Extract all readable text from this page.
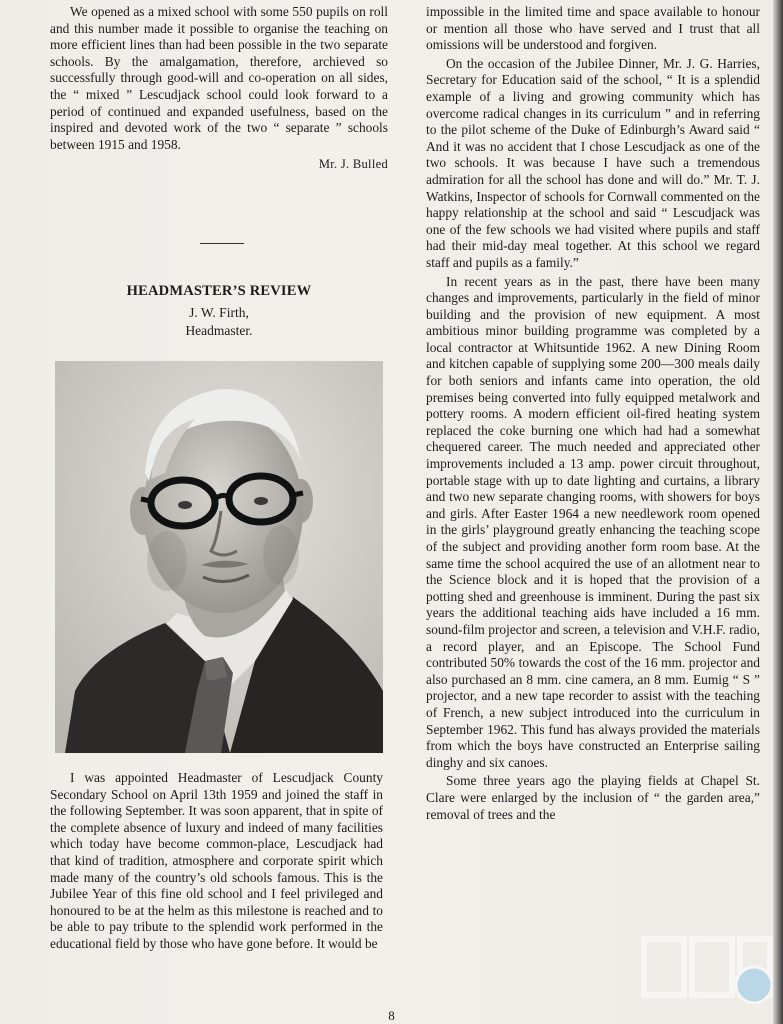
We opened as a mixed school with some 550 pupils on roll and this number made it possible to organise the teaching on more efficient lines than had been possible in the two separate schools. By the amalgamation, therefore, archieved so successfully through good-will and co-operation on all sides, the “ mixed ” Lescudjack school could look forward to a period of continued and expanded usefulness, based on the inspired and devoted work of the two “ separate ” schools between 1915 and 1958.

Mr. J. Bulled
HEADMASTER’S REVIEW
J. W. Firth,
Headmaster.

I was appointed Headmaster of Lescudjack County Secondary School on April 13th 1959 and joined the staff in the following September. It was soon apparent, that in spite of the complete absence of luxury and indeed of many facilities which today have become common-place, Lescudjack had that kind of tradition, atmosphere and corporate spirit which made many of the country’s old schools famous. This is the Jubilee Year of this fine old school and I feel privileged and honoured to be at the helm as this milestone is reached and to be able to pay tribute to the splendid work performed in the educational field by those who have gone before. It would be

impossible in the limited time and space available to honour or mention all those who have served and I trust that all omissions will be understood and forgiven.

On the occasion of the Jubilee Dinner, Mr. J. G. Harries, Secretary for Education said of the school, “ It is a splendid example of a living and growing community which has overcome radical changes in its curriculum ” and in referring to the pilot scheme of the Duke of Edinburgh’s Award said “ And it was no accident that I chose Lescudjack as one of the two schools. It was because I have such a tremendous admiration for all the school has done and will do.” Mr. T. J. Watkins, Inspector of schools for Cornwall commented on the happy relationship at the school and said “ Lescudjack was one of the few schools we had visited where pupils and staff had their mid-day meal together. At this school we regard staff and pupils as a family.”

In recent years as in the past, there have been many changes and improvements, particularly in the field of minor building and the provision of new equipment. A most ambitious minor building programme was completed by a local contractor at Whitsuntide 1962. A new Dining Room and kitchen capable of supplying some 200—300 meals daily for both seniors and infants came into operation, the old premises being converted into fully equipped metalwork and pottery rooms. A modern efficient oil-fired heating system replaced the coke burning one which had had a somewhat chequered career. The much needed and appreciated other improvements included a 13 amp. power circuit throughout, portable stage with up to date lighting and curtains, a library and two new separate changing rooms, with showers for boys and girls. After Easter 1964 a new needlework room opened in the girls’ playground greatly enhancing the teaching scope of the subject and providing another form room base. At the same time the school acquired the use of an allotment near to the Science block and it is hoped that the provision of a potting shed and greenhouse is imminent. During the past six years the additional teaching aids have included a 16 mm. sound-film projector and screen, a television and V.H.F. radio, a record player, and an Episcope. The School Fund contributed 50% towards the cost of the 16 mm. projector and also purchased an 8 mm. cine camera, an 8 mm. Eumig “ S ” projector, and a new tape recorder to assist with the teaching of French, a new subject introduced into the curriculum in September 1962. This fund has always provided the materials from which the boys have constructed an Enterprise sailing dinghy and six canoes.

Some three years ago the playing fields at Chapel St. Clare were enlarged by the inclusion of “ the garden area,” removal of trees and the

8
